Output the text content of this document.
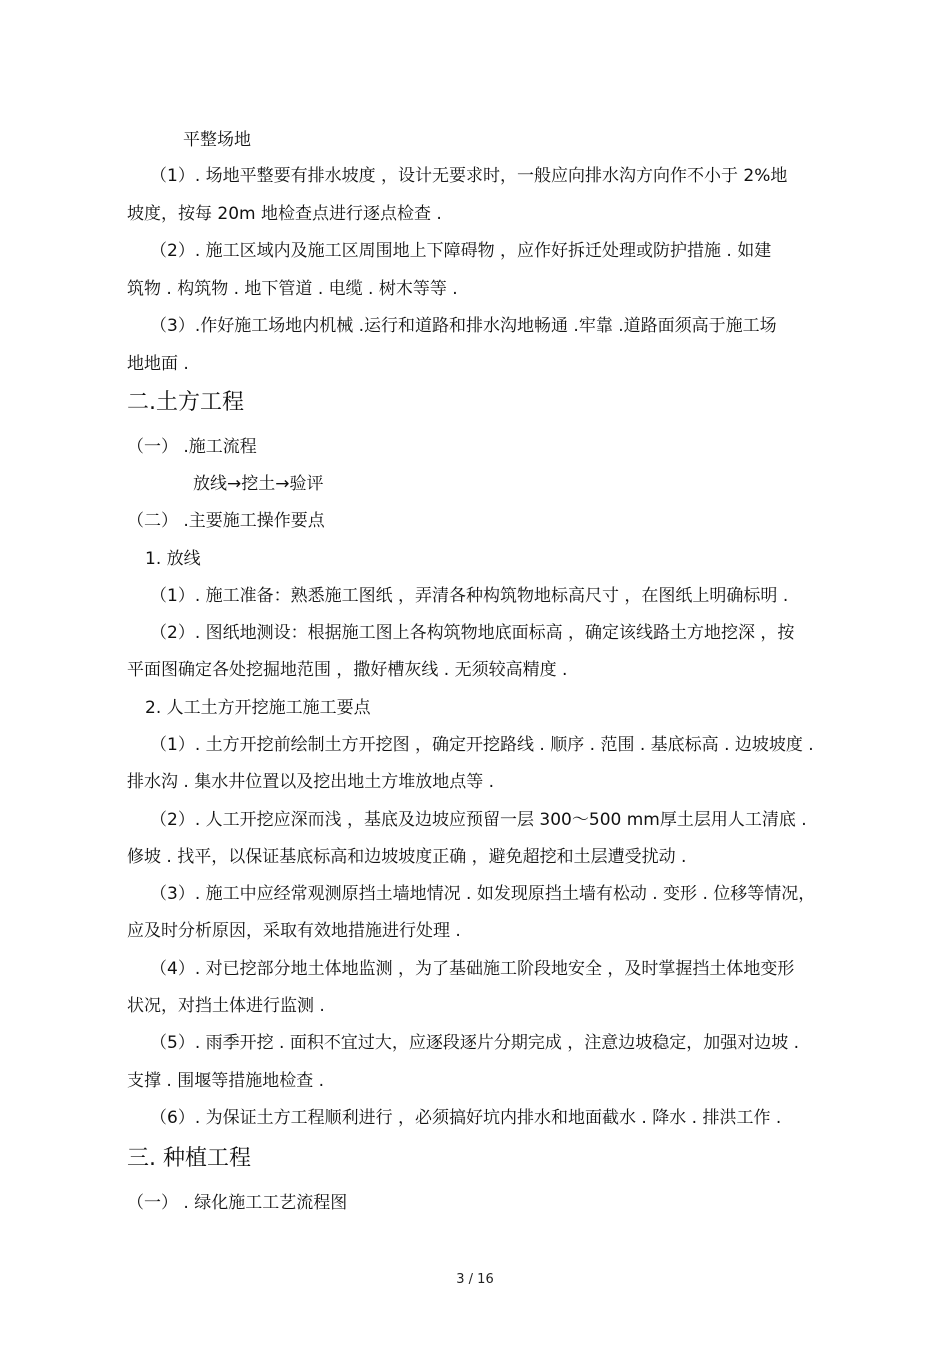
平整场地
（1）. 场地平整要有排水坡度 ，设计无要求时，一般应向排水沟方向作不小于 2%地
坡度，按每 20m 地检查点进行逐点检查 .
（2）. 施工区域内及施工区周围地上下障碍物 ，应作好拆迁处理或防护措施 . 如建
筑物 . 构筑物 . 地下管道 . 电缆 . 树木等等 .
（3）.作好施工场地内机械 .运行和道路和排水沟地畅通 .牢靠 .道路面须高于施工场
地地面 .
二.土方工程
（一） .施工流程
放线→挖土→验评
（二） .主要施工操作要点
1. 放线
（1）. 施工准备：熟悉施工图纸 ，弄清各种构筑物地标高尺寸 ，在图纸上明确标明 .
（2）. 图纸地测设：根据施工图上各构筑物地底面标高 ，确定该线路土方地挖深 ，按
平面图确定各处挖掘地范围 ，撒好槽灰线 . 无须较高精度 .
2. 人工土方开挖施工施工要点
（1）. 土方开挖前绘制土方开挖图 ，确定开挖路线 . 顺序 . 范围 . 基底标高 . 边坡坡度 .
排水沟 . 集水井位置以及挖出地土方堆放地点等 .
（2）. 人工开挖应深而浅 ，基底及边坡应预留一层 300～500 mm厚土层用人工清底 .
修坡 . 找平，以保证基底标高和边坡坡度正确 ，避免超挖和土层遭受扰动 .
（3）. 施工中应经常观测原挡土墙地情况 . 如发现原挡土墙有松动 . 变形 . 位移等情况，
应及时分析原因，采取有效地措施进行处理 .
（4）. 对已挖部分地土体地监测 ，为了基础施工阶段地安全 ，及时掌握挡土体地变形
状况，对挡土体进行监测 .
（5）. 雨季开挖 . 面积不宜过大，应逐段逐片分期完成 ，注意边坡稳定，加强对边坡 .
支撑 . 围堰等措施地检查 .
（6）. 为保证土方工程顺利进行 ，必须搞好坑内排水和地面截水 . 降水 . 排洪工作 .
三. 种植工程
（一） . 绿化施工工艺流程图
3 / 16
